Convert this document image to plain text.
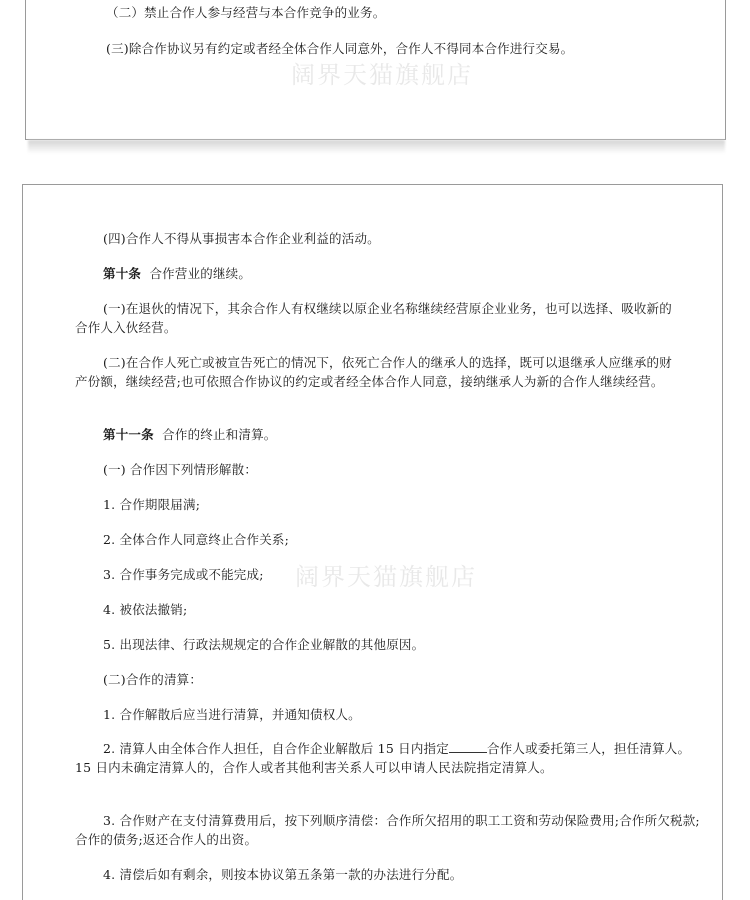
（二）禁止合作人参与经营与本合作竞争的业务。
(三)除合作协议另有约定或者经全体合作人同意外，合作人不得同本合作进行交易。
阔界天猫旗舰店
(四)合作人不得从事损害本合作企业利益的活动。
第十条 合作营业的继续。
(一)在退伙的情况下，其余合作人有权继续以原企业名称继续经营原企业业务，也可以选择、吸收新的合作人入伙经营。
(二)在合作人死亡或被宣告死亡的情况下，依死亡合作人的继承人的选择，既可以退继承人应继承的财产份额，继续经营;也可依照合作协议的约定或者经全体合作人同意，接纳继承人为新的合作人继续经营。
第十一条 合作的终止和清算。
(一) 合作因下列情形解散：
1. 合作期限届满;
2. 全体合作人同意终止合作关系;
3. 合作事务完成或不能完成;
4. 被依法撤销;
5. 出现法律、行政法规规定的合作企业解散的其他原因。
(二)合作的清算：
1. 合作解散后应当进行清算，并通知债权人。
2. 清算人由全体合作人担任，自合作企业解散后 15 日内指定	合作人或委托第三人，担任清算人。15 日内未确定清算人的，合作人或者其他利害关系人可以申请人民法院指定清算人。
3. 合作财产在支付清算费用后，按下列顺序清偿：合作所欠招用的职工工资和劳动保险费用;合作所欠税款;合作的债务;返还合作人的出资。
4. 清偿后如有剩余，则按本协议第五条第一款的办法进行分配。
阔界天猫旗舰店
